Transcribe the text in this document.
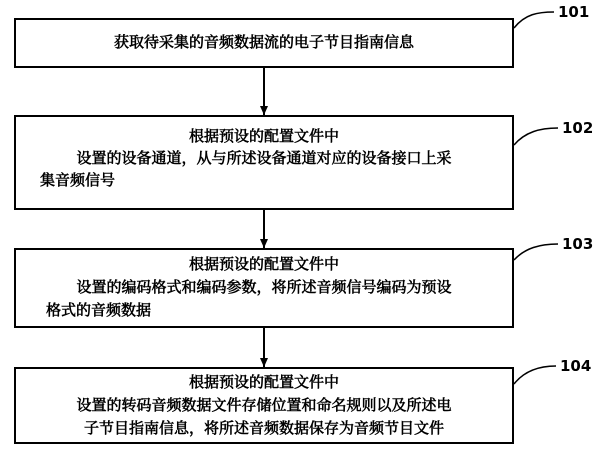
获取待采集的音频数据流的电子节目指南信息
101
根据预设的配置文件中
设置的设备通道，从与所述设备通道对应的设备接口上采
集音频信号
102
根据预设的配置文件中
设置的编码格式和编码参数，将所述音频信号编码为预设
格式的音频数据
103
根据预设的配置文件中
设置的转码音频数据文件存储位置和命名规则以及所述电
子节目指南信息，将所述音频数据保存为音频节目文件
104
